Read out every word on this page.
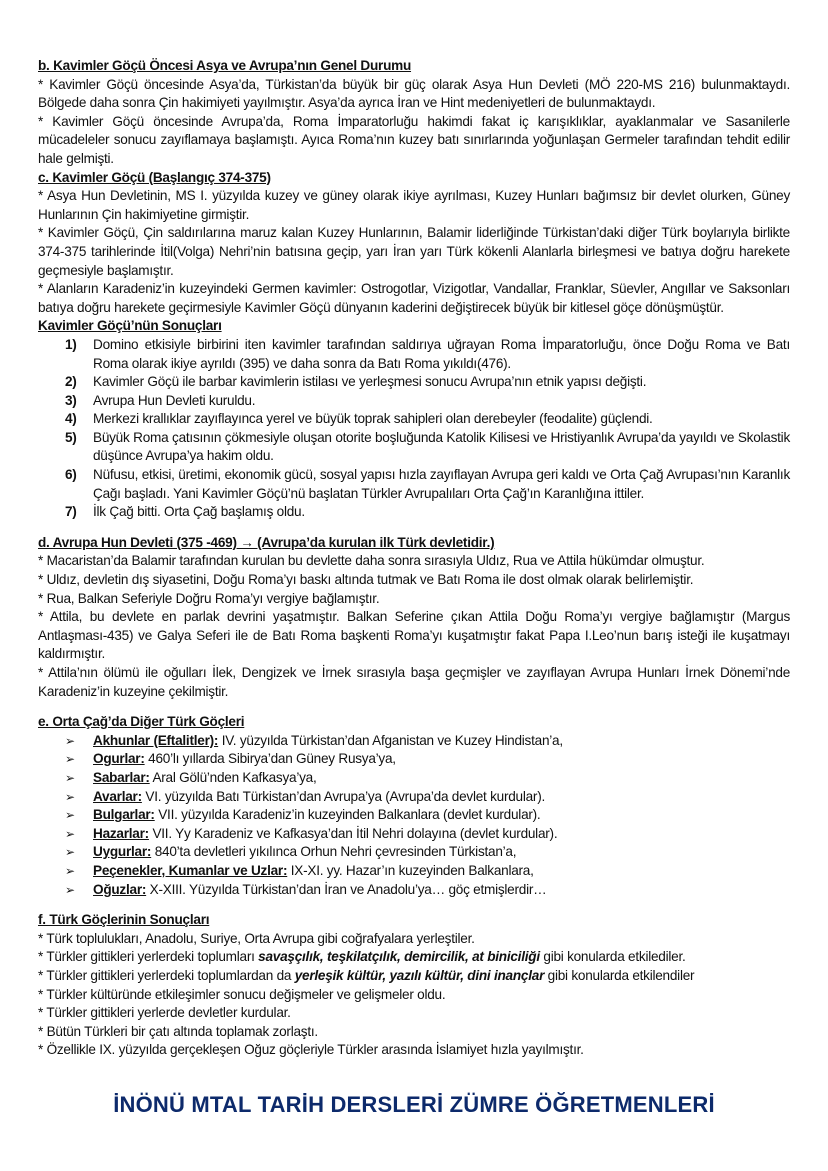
b. Kavimler Göçü Öncesi Asya ve Avrupa’nın Genel Durumu

* Kavimler Göçü öncesinde Asya’da, Türkistan’da büyük bir güç olarak Asya Hun Devleti (MÖ 220-MS 216) bulunmaktaydı. Bölgede daha sonra Çin hakimiyeti yayılmıştır. Asya’da ayrıca İran ve Hint medeniyetleri de bulunmaktaydı.

* Kavimler Göçü öncesinde Avrupa’da, Roma İmparatorluğu hakimdi fakat iç karışıklıklar, ayaklanmalar ve Sasanilerle mücadeleler sonucu zayıflamaya başlamıştı. Ayıca Roma’nın kuzey batı sınırlarında yoğunlaşan Germeler tarafından tehdit edilir hale gelmişti.

c. Kavimler Göçü (Başlangıç 374-375)

* Asya Hun Devletinin, MS I. yüzyılda kuzey ve güney olarak ikiye ayrılması, Kuzey Hunları bağımsız bir devlet olurken, Güney Hunlarının Çin hakimiyetine girmiştir.

* Kavimler Göçü, Çin saldırılarına maruz kalan Kuzey Hunlarının, Balamir liderliğinde Türkistan’daki diğer Türk boylarıyla birlikte 374-375 tarihlerinde İtil(Volga) Nehri’nin batısına geçip, yarı İran yarı Türk kökenli Alanlarla birleşmesi ve batıya doğru harekete geçmesiyle başlamıştır.

* Alanların Karadeniz’in kuzeyindeki Germen kavimler: Ostrogotlar, Vizigotlar, Vandallar, Franklar, Süevler, Angıllar ve Saksonları batıya doğru harekete geçirmesiyle Kavimler Göçü dünyanın kaderini değiştirecek büyük bir kitlesel göçe dönüşmüştür.

Kavimler Göçü’nün Sonuçları

1) Domino etkisiyle birbirini iten kavimler tarafından saldırıya uğrayan Roma İmparatorluğu, önce Doğu Roma ve Batı Roma olarak ikiye ayrıldı (395) ve daha sonra da Batı Roma yıkıldı(476).
2) Kavimler Göçü ile barbar kavimlerin istilası ve yerleşmesi sonucu Avrupa’nın etnik yapısı değişti.
3) Avrupa Hun Devleti kuruldu.
4) Merkezi krallıklar zayıflayınca yerel ve büyük toprak sahipleri olan derebeyler (feodalite) güçlendi.
5) Büyük Roma çatısının çökmesiyle oluşan otorite boşluğunda Katolik Kilisesi ve Hristiyanlık Avrupa’da yayıldı ve Skolastik düşünce Avrupa’ya hakim oldu.
6) Nüfusu, etkisi, üretimi, ekonomik gücü, sosyal yapısı hızla zayıflayan Avrupa geri kaldı ve Orta Çağ Avrupası’nın Karanlık Çağı başladı. Yani Kavimler Göçü’nü başlatan Türkler Avrupalıları Orta Çağ’ın Karanlığına ittiler.
7) İlk Çağ bitti. Orta Çağ başlamış oldu.

d. Avrupa Hun Devleti (375 -469) → (Avrupa’da kurulan ilk Türk devletidir.)

* Macaristan’da Balamir tarafından kurulan bu devlette daha sonra sırasıyla Uldız, Rua ve Attila hükümdar olmuştur.

* Uldız, devletin dış siyasetini, Doğu Roma’yı baskı altında tutmak ve Batı Roma ile dost olmak olarak belirlemiştir.

* Rua, Balkan Seferiyle Doğru Roma’yı vergiye bağlamıştır.

* Attila, bu devlete en parlak devrini yaşatmıştır. Balkan Seferine çıkan Attila Doğu Roma’yı vergiye bağlamıştır (Margus Antlaşması-435) ve Galya Seferi ile de Batı Roma başkenti Roma’yı kuşatmıştır fakat Papa I.Leo’nun barış isteği ile kuşatmayı kaldırmıştır.

* Attila’nın ölümü ile oğulları İlek, Dengizek ve İrnek sırasıyla başa geçmişler ve zayıflayan Avrupa Hunları İrnek Dönemi’nde Karadeniz’in kuzeyine çekilmiştir.

e. Orta Çağ’da Diğer Türk Göçleri

➢ Akhunlar (Eftalitler): IV. yüzyılda Türkistan’dan Afganistan ve Kuzey Hindistan’a,
➢ Ogurlar: 460’lı yıllarda Sibirya’dan Güney Rusya’ya,
➢ Sabarlar: Aral Gölü’nden Kafkasya’ya,
➢ Avarlar: VI. yüzyılda Batı Türkistan’dan Avrupa’ya (Avrupa’da devlet kurdular).
➢ Bulgarlar: VII. yüzyılda Karadeniz’in kuzeyinden Balkanlara (devlet kurdular).
➢ Hazarlar: VII. Yy Karadeniz ve Kafkasya’dan İtil Nehri dolayına (devlet kurdular).
➢ Uygurlar: 840’ta devletleri yıkılınca Orhun Nehri çevresinden Türkistan’a,
➢ Peçenekler, Kumanlar ve Uzlar: IX-XI. yy. Hazar’ın kuzeyinden Balkanlara,
➢ Oğuzlar: X-XIII. Yüzyılda Türkistan’dan İran ve Anadolu’ya… göç etmişlerdir…

f. Türk Göçlerinin Sonuçları

* Türk toplulukları, Anadolu, Suriye, Orta Avrupa gibi coğrafyalara yerleştiler.

* Türkler gittikleri yerlerdeki toplumları savaşçılık, teşkilatçılık, demircilik, at biniciliği gibi konularda etkilediler.

* Türkler gittikleri yerlerdeki toplumlardan da yerleşik kültür, yazılı kültür, dini inançlar gibi konularda etkilendiler

* Türkler kültüründe etkileşimler sonucu değişmeler ve gelişmeler oldu.

* Türkler gittikleri yerlerde devletler kurdular.

* Bütün Türkleri bir çatı altında toplamak zorlaştı.

* Özellikle IX. yüzyılda gerçekleşen Oğuz göçleriyle Türkler arasında İslamiyet hızla yayılmıştır.

İNÖNÜ MTAL TARİH DERSLERİ ZÜMRE ÖĞRETMENLERİ
